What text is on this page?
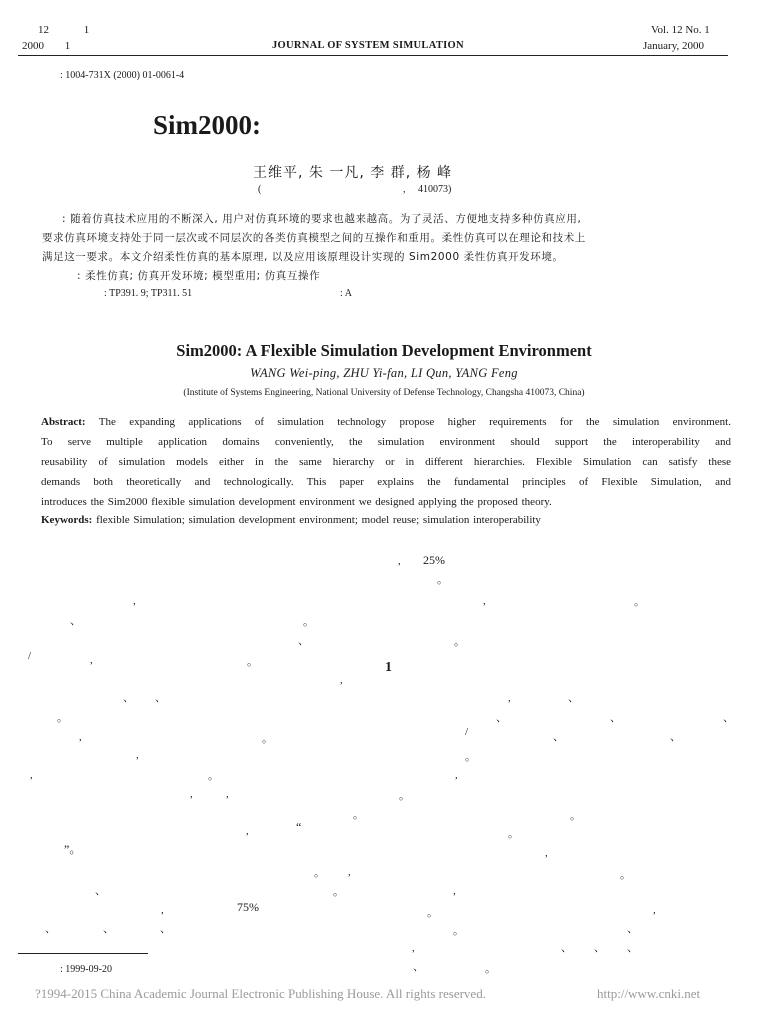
12	1
2000 1	JOURNAL OF SYSTEM SIMULATION
Vol. 12 No. 1
January, 2000
: 1004-731X (2000) 01-0061-4
Sim2000:
王维平, 朱 一凡, 李 群, 杨 峰
(	, 410073)
: 随着仿真技术应用的不断深入, 用户对仿真环境的要求也越来越高。为了灵活、方便地支持多种仿真应用,
要求仿真环境支持处于同一层次或不同层次的各类仿真模型之间的互操作和重用。柔性仿真可以在理论和技术上
满足这一要求。本文介绍柔性仿真的基本原理, 以及应用该原理设计实现的 Sim2000 柔性仿真开发环境。
: 柔性仿真; 仿真开发环境; 模型重用; 仿真互操作
: TP391. 9; TP311. 51	: A
Sim2000: A Flexible Simulation Development Environment
WANG Wei-ping, ZHU Yi-fan, LI Qun, YANG Feng
(Institute of Systems Engineering, National University of Defense Technology, Changsha 410073, China)
Abstract: The expanding applications of simulation technology propose higher requirements for the simulation environment.
To serve multiple application domains conveniently, the simulation environment should support the interoperability and
reusability of simulation models either in the same hierarchy or in different hierarchies. Flexible Simulation can satisfy these
demands both theoretically and technologically. This paper explains the fundamental principles of Flexible Simulation, and
introduces the Sim2000 flexible simulation development environment we designed applying the proposed theory.
Keywords: flexible Simulation; simulation development environment; model reuse; simulation interoperability
25%
1
“
”。
75%
,
。
,	,	。
、	。
、	。
/	,	。
,
、 、	,	、
。	、	、	、
,	。
/	、	、
,	。
,	。	,
,	,	。
。	。
,	。
,
。 ,	。
、	。	,
,	。	,
、	、	、	。	、
,	、 、 、
、	。
: 1999-09-20
?1994-2015 China Academic Journal Electronic Publishing House. All rights reserved.	http://www.cnki.net
